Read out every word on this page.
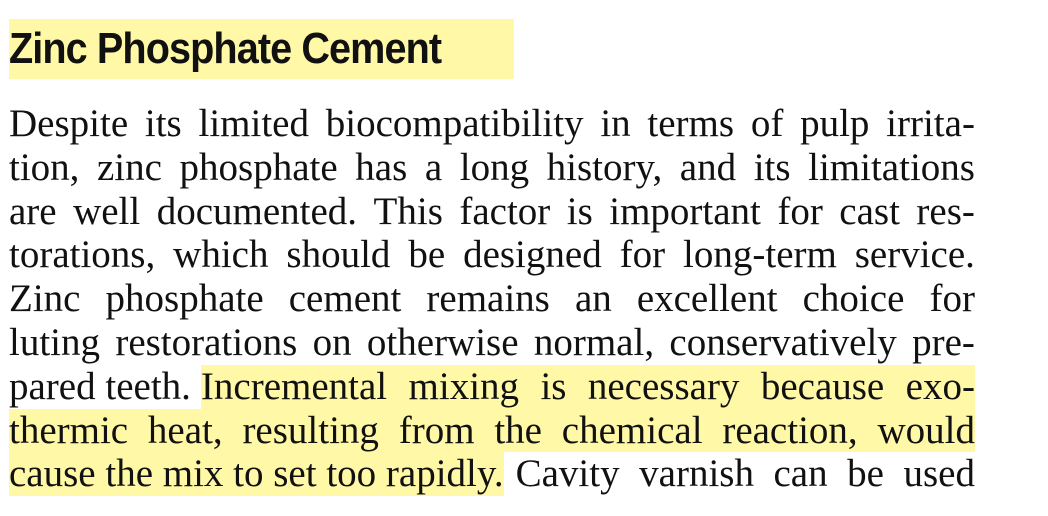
Zinc Phosphate Cement
Despite its limited biocompatibility in terms of pulp irrita-
tion, zinc phosphate has a long history, and its limitations
are well documented. This factor is important for cast res-
torations, which should be designed for long-term service.
Zinc phosphate cement remains an excellent choice for
luting restorations on otherwise normal, conservatively pre-
pared teeth. Incremental mixing is necessary because exo-
thermic heat, resulting from the chemical reaction, would
cause the mix to set too rapidly. Cavity varnish can be used
